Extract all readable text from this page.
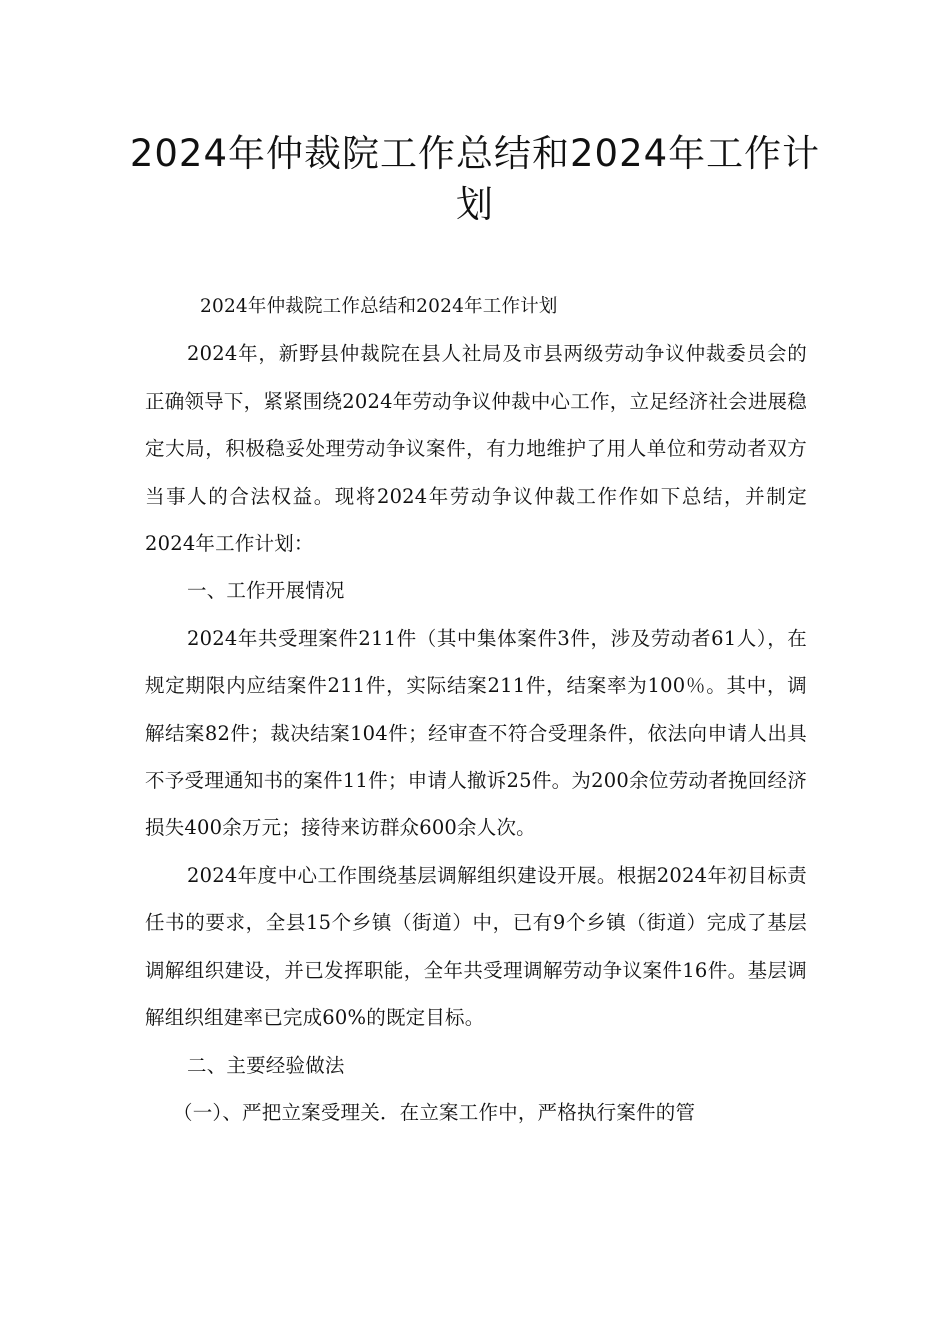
2024年仲裁院工作总结和2024年工作计划

2024年仲裁院工作总结和2024年工作计划

2024年，新野县仲裁院在县人社局及市县两级劳动争议仲裁委员会的正确领导下，紧紧围绕2024年劳动争议仲裁中心工作，立足经济社会进展稳定大局，积极稳妥处理劳动争议案件，有力地维护了用人单位和劳动者双方当事人的合法权益。现将2024年劳动争议仲裁工作作如下总结，并制定2024年工作计划：

一、工作开展情况

2024年共受理案件211件（其中集体案件3件，涉及劳动者61人），在规定期限内应结案件211件，实际结案211件，结案率为100％。其中，调解结案82件；裁决结案104件；经审查不符合受理条件，依法向申请人出具不予受理通知书的案件11件；申请人撤诉25件。为200余位劳动者挽回经济损失400余万元；接待来访群众600余人次。

2024年度中心工作围绕基层调解组织建设开展。根据2024年初目标责任书的要求，全县15个乡镇（街道）中，已有9个乡镇（街道）完成了基层调解组织建设，并已发挥职能，全年共受理调解劳动争议案件16件。基层调解组织组建率已完成60%的既定目标。

二、主要经验做法

（一）、严把立案受理关．在立案工作中，严格执行案件的管
